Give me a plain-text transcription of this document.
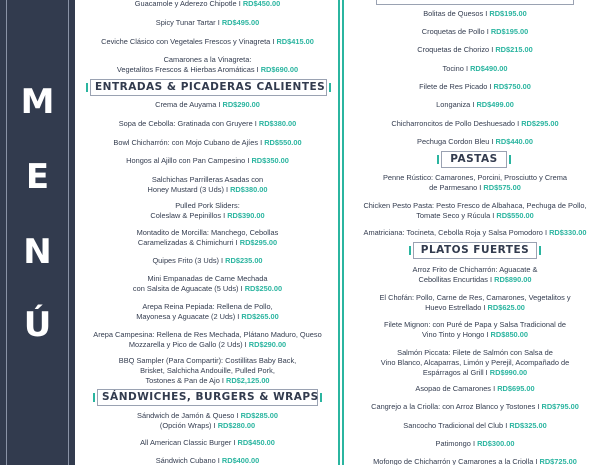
M
E
N
Ú
Guacamole y Aderezo Chipotle I RD$450.00
Spicy Tunar Tartar I RD$495.00
Ceviche Clásico con Vegetales Frescos y Vinagreta I RD$415.00
Camarones a la Vinagreta:
Vegetalitos Frescos & Hierbas Aromáticas I RD$690.00
ENTRADAS & PICADERAS CALIENTES
Crema de Auyama I RD$290.00
Sopa de Cebolla: Gratinada con Gruyere I RD$380.00
Bowl Chicharrón: con Mojo Cubano de Ajíes I RD$550.00
Hongos al Ajillo con Pan Campesino I RD$350.00
Salchichas Parrilleras Asadas con
Honey Mustard (3 Uds) I RD$380.00
Pulled Pork Sliders:
Coleslaw & Pepinillos I RD$390.00
Montadito de Morcilla: Manchego, Cebollas
Caramelizadas & Chimichurri I RD$295.00
Quipes Frito (3 Uds) I RD$235.00
Mini Empanadas de Carne Mechada
con Salsita de Aguacate (5 Uds) I RD$250.00
Arepa Reina Pepiada: Rellena de Pollo,
Mayonesa y Aguacate (2 Uds) I RD$265.00
Arepa Campesina: Rellena de Res Mechada, Plátano Maduro, Queso
Mozzarella y Pico de Gallo (2 Uds) I RD$290.00
BBQ Sampler (Para Compartir): Costillitas Baby Back,
Brisket, Salchicha Andouille, Pulled Pork,
Tostones & Pan de Ajo I RD$2,125.00
SÁNDWICHES, BURGERS & WRAPS
Sándwich de Jamón & Queso I RD$285.00
(Opción Wraps) I RD$280.00
All American Classic Burger I RD$450.00
Sándwich Cubano I RD$400.00
Bolitas de Quesos I RD$195.00
Croquetas de Pollo I RD$195.00
Croquetas de Chorizo I RD$215.00
Tocino I RD$490.00
Filete de Res Picado I RD$750.00
Longaniza I RD$499.00
Chicharroncitos de Pollo Deshuesado I RD$295.00
Pechuga Cordon Bleu I RD$440.00
PASTAS
Penne Rústico: Camarones, Porcini, Prosciutto y Crema
de Parmesano I RD$575.00
Chicken Pesto Pasta: Pesto Fresco de Albahaca, Pechuga de Pollo,
Tomate Seco y Rúcula I RD$550.00
Amatriciana: Tocineta, Cebolla Roja y Salsa Pomodoro I RD$330.00
PLATOS FUERTES
Arroz Frito de Chicharrón: Aguacate &
Cebollitas Encurtidas I RD$890.00
El Chofán: Pollo, Carne de Res, Camarones, Vegetalitos y
Huevo Estrellado I RD$625.00
Filete Mignon: con Puré de Papa y Salsa Tradicional de
Vino Tinto y Hongo I RD$850.00
Salmón Piccata: Filete de Salmón con Salsa de
Vino Blanco, Alcaparras, Limón y Perejil, Acompañado de
Espárragos al Grill I RD$990.00
Asopao de Camarones I RD$695.00
Cangrejo a la Criolla: con Arroz Blanco y Tostones I RD$795.00
Sancocho Tradicional del Club I RD$325.00
Patimongo I RD$300.00
Mofongo de Chicharrón y Camarones a la Criolla I RD$725.00
